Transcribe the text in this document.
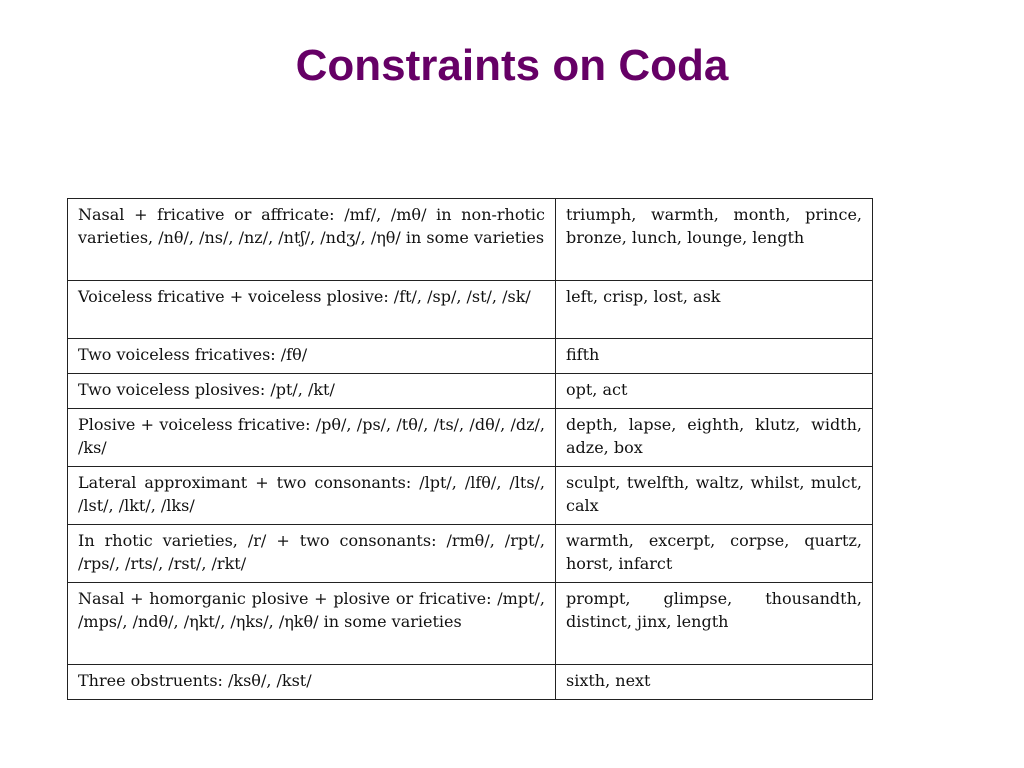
Constraints on Coda
Nasal + fricative or affricate: /mf/, /mθ/ in non-rhotic varieties, /nθ/, /ns/, /nz/, /ntʃ/, /ndʒ/, /ηθ/ in some varieties	triumph, warmth, month, prince, bronze, lunch, lounge, length
Voiceless fricative + voiceless plosive: /ft/, /sp/, /st/, /sk/	left, crisp, lost, ask
Two voiceless fricatives: /fθ/	fifth
Two voiceless plosives: /pt/, /kt/	opt, act
Plosive + voiceless fricative: /pθ/, /ps/, /tθ/, /ts/, /dθ/, /dz/, /ks/	depth, lapse, eighth, klutz, width, adze, box
Lateral approximant + two consonants: /lpt/, /lfθ/, /lts/, /lst/, /lkt/, /lks/	sculpt, twelfth, waltz, whilst, mulct, calx
In rhotic varieties, /r/ + two consonants: /rmθ/, /rpt/, /rps/, /rts/, /rst/, /rkt/	warmth, excerpt, corpse, quartz, horst, infarct
Nasal + homorganic plosive + plosive or fricative: /mpt/, /mps/, /ndθ/, /ηkt/, /ηks/, /ηkθ/ in some varieties	prompt, glimpse, thousandth, distinct, jinx, length
Three obstruents: /ksθ/, /kst/	sixth, next
